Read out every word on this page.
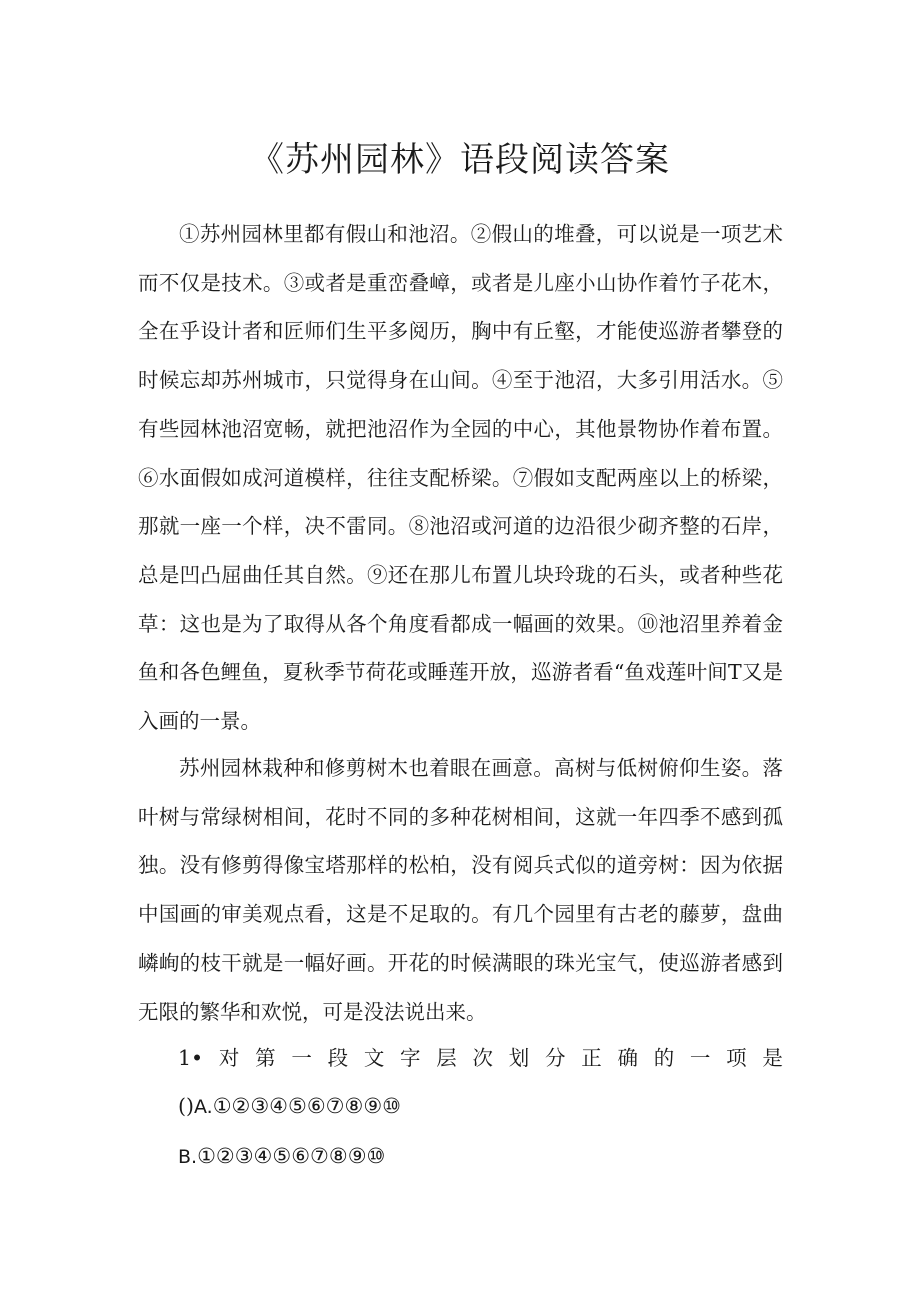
《苏州园林》语段阅读答案

①苏州园林里都有假山和池沼。②假山的堆叠，可以说是一项艺术而不仅是技术。③或者是重峦叠嶂，或者是儿座小山协作着竹子花木，全在乎设计者和匠师们生平多阅历，胸中有丘壑，才能使巡游者攀登的时候忘却苏州城市，只觉得身在山间。④至于池沼，大多引用活水。⑤有些园林池沼宽畅，就把池沼作为全园的中心，其他景物协作着布置。⑥水面假如成河道模样，往往支配桥梁。⑦假如支配两座以上的桥梁，那就一座一个样，决不雷同。⑧池沼或河道的边沿很少砌齐整的石岸，总是凹凸屈曲任其自然。⑨还在那儿布置儿块玲珑的石头，或者种些花草：这也是为了取得从各个角度看都成一幅画的效果。⑩池沼里养着金鱼和各色鲤鱼，夏秋季节荷花或睡莲开放，巡游者看“鱼戏莲叶间T又是入画的一景。

苏州园林栽种和修剪树木也着眼在画意。高树与低树俯仰生姿。落叶树与常绿树相间，花时不同的多种花树相间，这就一年四季不感到孤独。没有修剪得像宝塔那样的松柏，没有阅兵式似的道旁树：因为依据中国画的审美观点看，这是不足取的。有几个园里有古老的藤萝，盘曲嶙峋的枝干就是一幅好画。开花的时候满眼的珠光宝气，使巡游者感到无限的繁华和欢悦，可是没法说出来。

1• 对 第 一 段 文 字 层 次 划 分 正 确 的 一 项 是
()A.①②③④⑤⑥⑦⑧⑨⑩
B.①②③④⑤⑥⑦⑧⑨⑩
